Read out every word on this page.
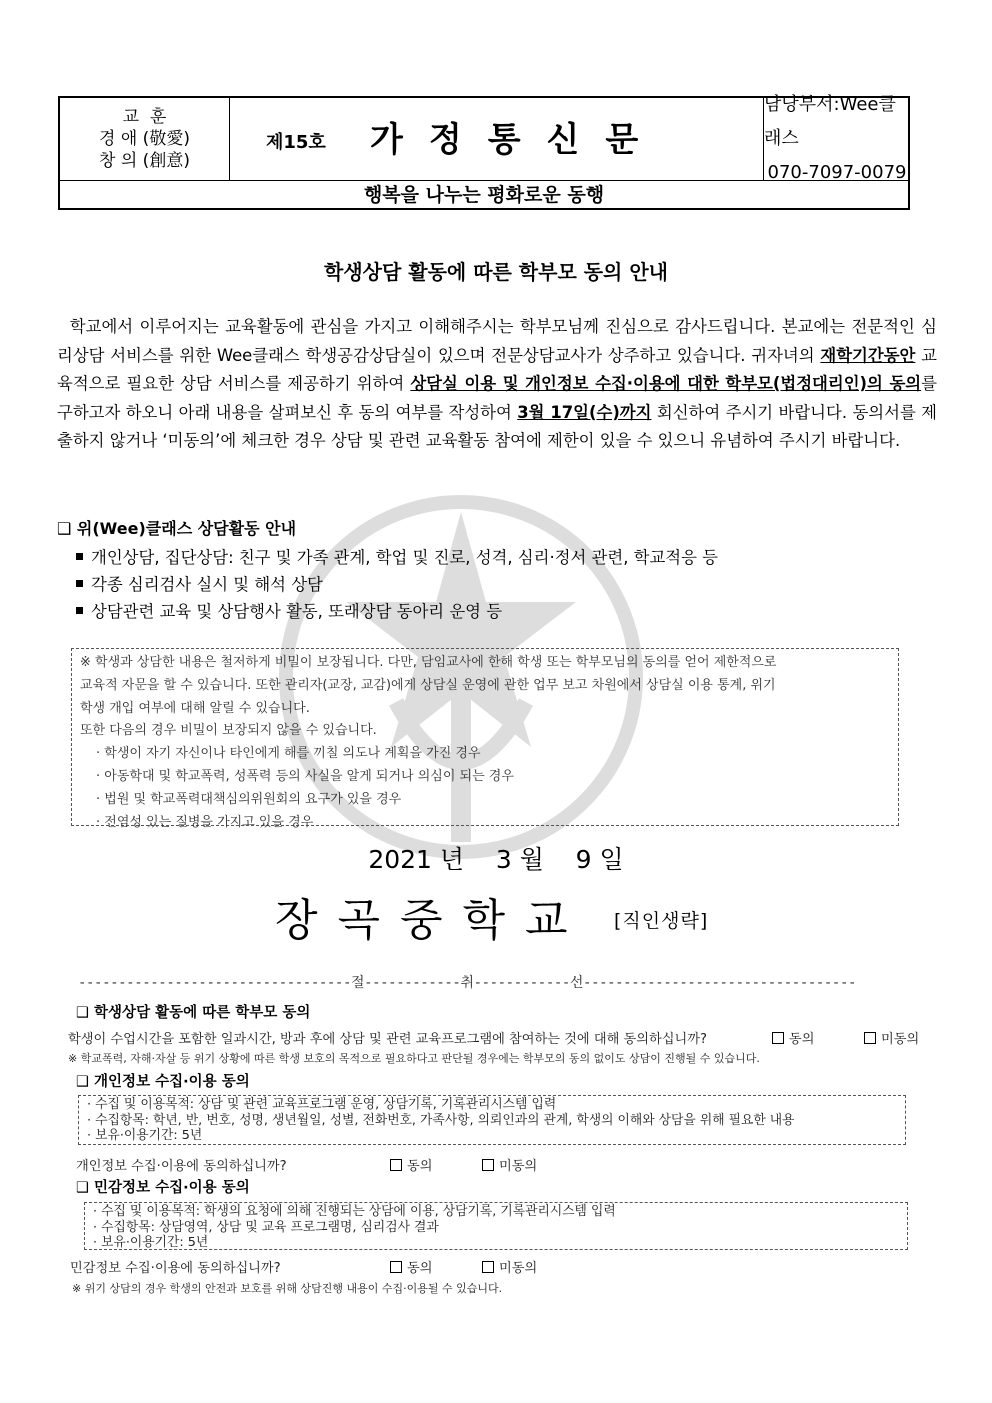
교  훈
경 애 (敬愛)
창 의 (創意)
제15호 가정통신문
담당부서:Wee클래스
070-7097-0079
행복을 나누는 평화로운 동행
학생상담 활동에 따른 학부모 동의 안내
학교에서 이루어지는 교육활동에 관심을 가지고 이해해주시는 학부모님께 진심으로 감사드립니다. 본교에는 전문적인 심리상담 서비스를 위한 Wee클래스 학생공감상담실이 있으며 전문상담교사가 상주하고 있습니다. 귀자녀의 재학기간동안 교육적으로 필요한 상담 서비스를 제공하기 위하여 상담실 이용 및 개인정보 수집·이용에 대한 학부모(법정대리인)의 동의를 구하고자 하오니 아래 내용을 살펴보신 후 동의 여부를 작성하여 3월 17일(수)까지 회신하여 주시기 바랍니다. 동의서를 제출하지 않거나 ‘미동의’에 체크한 경우 상담 및 관련 교육활동 참여에 제한이 있을 수 있으니 유념하여 주시기 바랍니다.
❑ 위(Wee)클래스 상담활동 안내
개인상담, 집단상담: 친구 및 가족 관계, 학업 및 진로, 성격, 심리·정서 관련, 학교적응 등
각종 심리검사 실시 및 해석 상담
상담관련 교육 및 상담행사 활동, 또래상담 동아리 운영 등
※ 학생과 상담한 내용은 철저하게 비밀이 보장됩니다. 다만, 담임교사에 한해 학생 또는 학부모님의 동의를 얻어 제한적으로
교육적 자문을 할 수 있습니다. 또한 관리자(교장, 교감)에게 상담실 운영에 관한 업무 보고 차원에서 상담실 이용 통계, 위기
학생 개입 여부에 대해 알릴 수 있습니다.
또한 다음의 경우 비밀이 보장되지 않을 수 있습니다.
· 학생이 자기 자신이나 타인에게 해를 끼칠 의도나 계획을 가진 경우
· 아동학대 및 학교폭력, 성폭력 등의 사실을 알게 되거나 의심이 되는 경우
· 법원 및 학교폭력대책심의위원회의 요구가 있을 경우
· 전염성 있는 질병을 가지고 있을 경우
2021 년    3 월    9 일
장곡중학교 [직인생략]
----------------------------------절------------취------------선----------------------------------
❑ 학생상담 활동에 따른 학부모 동의
학생이 수업시간을 포함한 일과시간, 방과 후에 상담 및 관련 교육프로그램에 참여하는 것에 대해 동의하십니까?	동의	미동의
※ 학교폭력, 자해·자살 등 위기 상황에 따른 학생 보호의 목적으로 필요하다고 판단될 경우에는 학부모의 동의 없이도 상담이 진행될 수 있습니다.
❑ 개인정보 수집·이용 동의
· 수집 및 이용목적: 상담 및 관련 교육프로그램 운영, 상담기록, 기록관리시스템 입력
· 수집항목: 학년, 반, 번호, 성명, 생년월일, 성별, 전화번호, 가족사항, 의뢰인과의 관계, 학생의 이해와 상담을 위해 필요한 내용
· 보유·이용기간: 5년
개인정보 수집·이용에 동의하십니까?	동의	미동의
❑ 민감정보 수집·이용 동의
· 수집 및 이용목적: 학생의 요청에 의해 진행되는 상담에 이용, 상담기록, 기록관리시스템 입력
· 수집항목: 상담영역, 상담 및 교육 프로그램명, 심리검사 결과
· 보유·이용기간: 5년
민감정보 수집·이용에 동의하십니까?	동의	미동의
※ 위기 상담의 경우 학생의 안전과 보호를 위해 상담진행 내용이 수집·이용될 수 있습니다.
